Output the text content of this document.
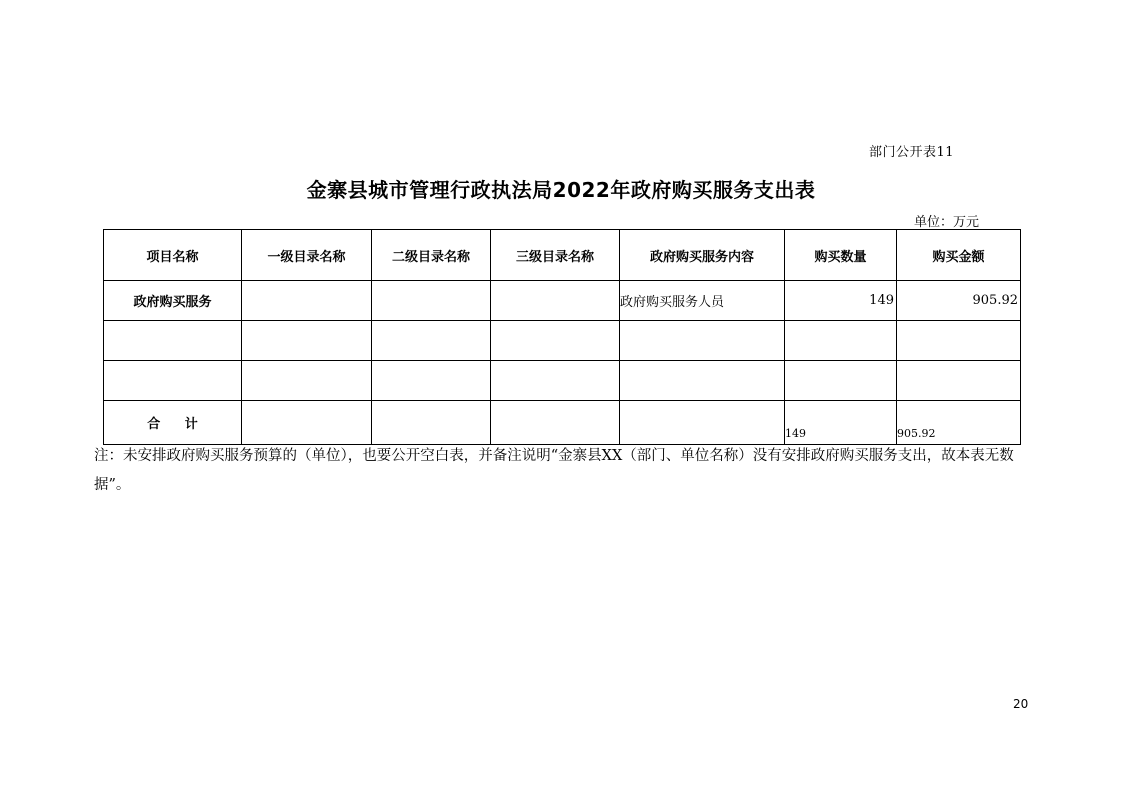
部门公开表11
金寨县城市管理行政执法局2022年政府购买服务支出表
单位：万元
项目名称	一级目录名称	二级目录名称	三级目录名称	政府购买服务内容	购买数量	购买金额
政府购买服务				政府购买服务人员	149	905.92

合 计					149	905.92
注：未安排政府购买服务预算的（单位），也要公开空白表，并备注说明“金寨县XX（部门、单位名称）没有安排政府购买服务支出，故本表无数据”。
20
